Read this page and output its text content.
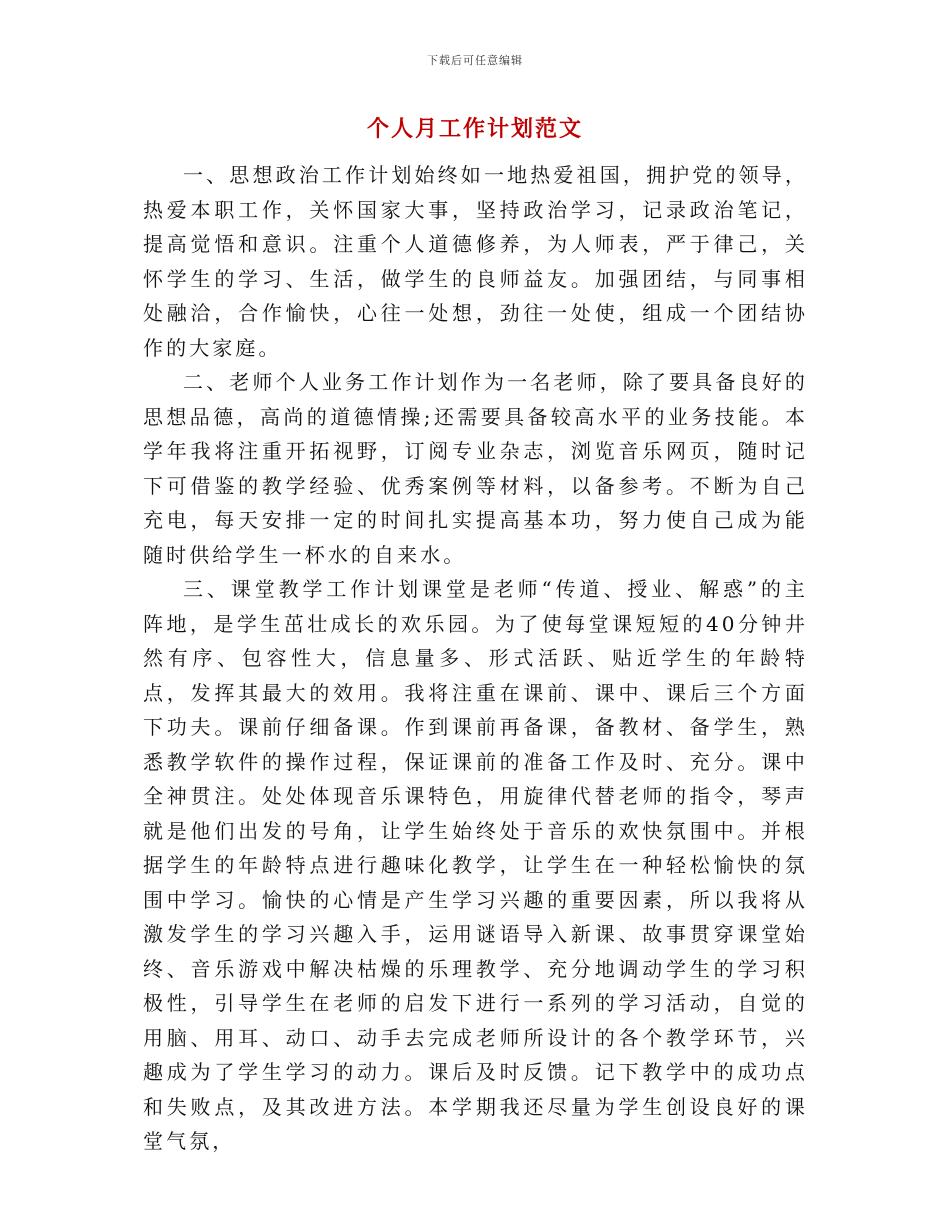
下载后可任意编辑
个人月工作计划范文

一、思想政治工作计划始终如一地热爱祖国，拥护党的领导，热爱本职工作，关怀国家大事，坚持政治学习，记录政治笔记，提高觉悟和意识。注重个人道德修养，为人师表，严于律己，关怀学生的学习、生活，做学生的良师益友。加强团结，与同事相处融洽，合作愉快，心往一处想，劲往一处使，组成一个团结协作的大家庭。

二、老师个人业务工作计划作为一名老师，除了要具备良好的思想品德，高尚的道德情操;还需要具备较高水平的业务技能。本学年我将注重开拓视野，订阅专业杂志，浏览音乐网页，随时记下可借鉴的教学经验、优秀案例等材料，以备参考。不断为自己充电，每天安排一定的时间扎实提高基本功，努力使自己成为能随时供给学生一杯水的自来水。

三、课堂教学工作计划课堂是老师“传道、授业、解惑”的主阵地，是学生茁壮成长的欢乐园。为了使每堂课短短的40分钟井然有序、包容性大，信息量多、形式活跃、贴近学生的年龄特点，发挥其最大的效用。我将注重在课前、课中、课后三个方面下功夫。课前仔细备课。作到课前再备课，备教材、备学生，熟悉教学软件的操作过程，保证课前的准备工作及时、充分。课中全神贯注。处处体现音乐课特色，用旋律代替老师的指令，琴声就是他们出发的号角，让学生始终处于音乐的欢快氛围中。并根据学生的年龄特点进行趣味化教学，让学生在一种轻松愉快的氛围中学习。愉快的心情是产生学习兴趣的重要因素，所以我将从激发学生的学习兴趣入手，运用谜语导入新课、故事贯穿课堂始终、音乐游戏中解决枯燥的乐理教学、充分地调动学生的学习积极性，引导学生在老师的启发下进行一系列的学习活动，自觉的用脑、用耳、动口、动手去完成老师所设计的各个教学环节，兴趣成为了学生学习的动力。课后及时反馈。记下教学中的成功点和失败点，及其改进方法。本学期我还尽量为学生创设良好的课堂气氛，
